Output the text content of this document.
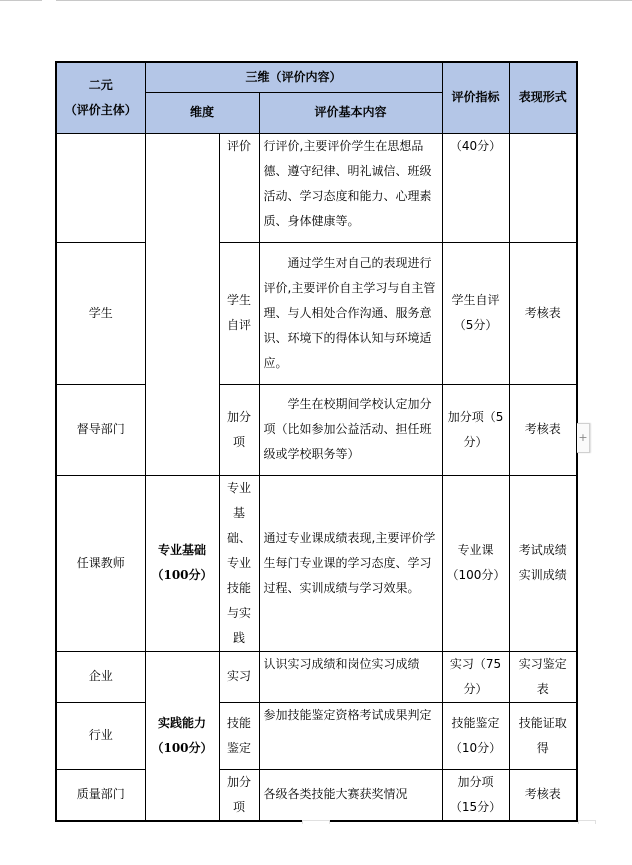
二元
（评价主体）	三维（评价内容）			评价指标	表现形式
	维度		评价基本内容		
		评价	行评价,主要评价学生在思想品德、遵守纪律、明礼诚信、班级活动、学习态度和能力、心理素质、身体健康等。	（40分）	
学生		学生自评	通过学生对自己的表现进行评价,主要评价自主学习与自主管理、与人相处合作沟通、服务意识、环境下的得体认知与环境适应。	学生自评（5分）	考核表
督导部门		加分项	学生在校期间学校认定加分项（比如参加公益活动、担任班级或学校职务等）	加分项（5分）	考核表
任课教师	专业基础（100分）	专业基础、专业技能与实践	通过专业课成绩表现,主要评价学生每门专业课的学习态度、学习过程、实训成绩与学习效果。	专业课（100分）	考试成绩实训成绩
企业	实践能力（100分）	实习	认识实习成绩和岗位实习成绩	实习（75分）	实习鉴定表
行业		技能鉴定	参加技能鉴定资格考试成果判定	技能鉴定（10分）	技能证取得
质量部门		加分项	各级各类技能大赛获奖情况	加分项（15分）	考核表
+
